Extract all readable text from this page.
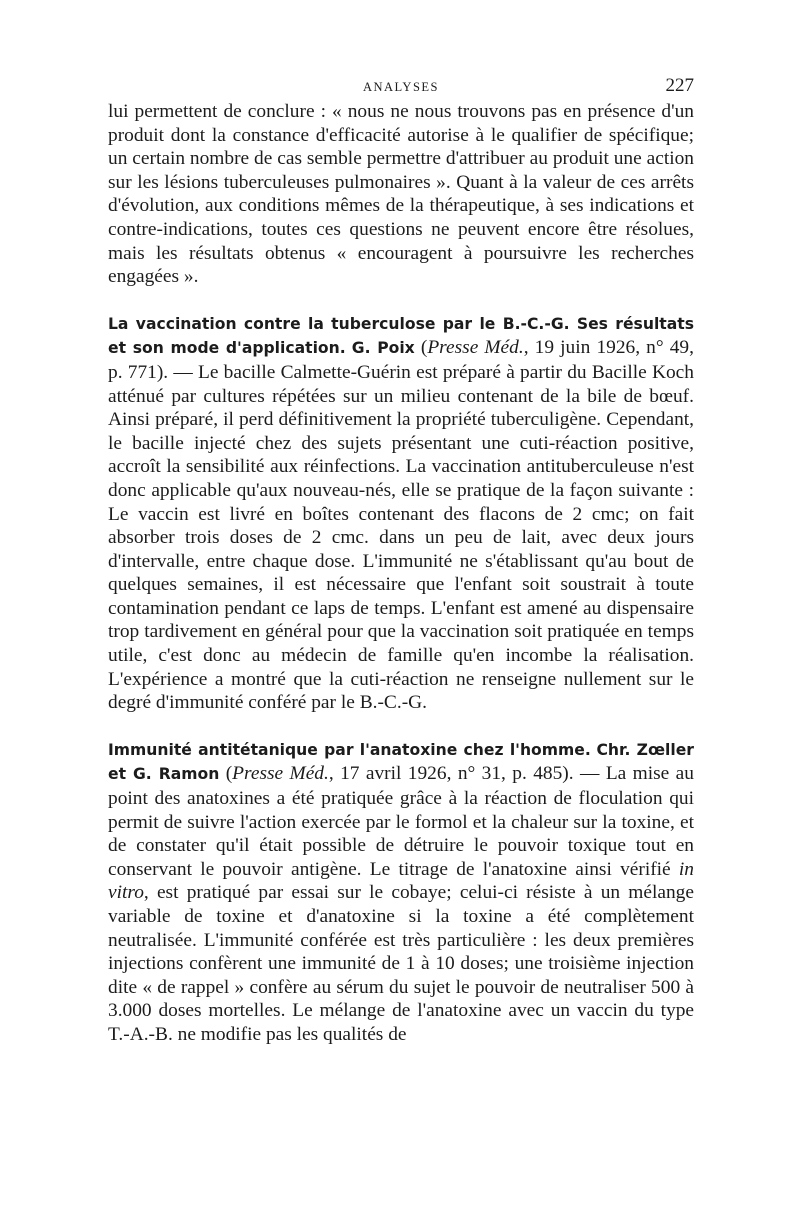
ANALYSES	227

lui permettent de conclure : « nous ne nous trouvons pas en présence d'un produit dont la constance d'efficacité autorise à le qualifier de spécifique; un certain nombre de cas semble permettre d'attribuer au produit une action sur les lésions tuberculeuses pulmonaires ». Quant à la valeur de ces arrêts d'évolution, aux conditions mêmes de la thérapeutique, à ses indications et contre-indications, toutes ces questions ne peuvent encore être résolues, mais les résultats obtenus « encouragent à poursuivre les recherches engagées ».

La vaccination contre la tuberculose par le B.-C.-G. Ses résultats et son mode d'application. G. Poix (Presse Méd., 19 juin 1926, n° 49, p. 771). — Le bacille Calmette-Guérin est préparé à partir du Bacille Koch atténué par cultures répétées sur un milieu contenant de la bile de bœuf. Ainsi préparé, il perd définitivement la propriété tuberculigène. Cependant, le bacille injecté chez des sujets présentant une cuti-réaction positive, accroît la sensibilité aux réinfections. La vaccination antituberculeuse n'est donc applicable qu'aux nouveau-nés, elle se pratique de la façon suivante : Le vaccin est livré en boîtes contenant des flacons de 2 cmc; on fait absorber trois doses de 2 cmc. dans un peu de lait, avec deux jours d'intervalle, entre chaque dose. L'immunité ne s'établissant qu'au bout de quelques semaines, il est nécessaire que l'enfant soit soustrait à toute contamination pendant ce laps de temps. L'enfant est amené au dispensaire trop tardivement en général pour que la vaccination soit pratiquée en temps utile, c'est donc au médecin de famille qu'en incombe la réalisation. L'expérience a montré que la cuti-réaction ne renseigne nullement sur le degré d'immunité conféré par le B.-C.-G.

Immunité antitétanique par l'anatoxine chez l'homme. Chr. Zœller et G. Ramon (Presse Méd., 17 avril 1926, n° 31, p. 485). — La mise au point des anatoxines a été pratiquée grâce à la réaction de floculation qui permit de suivre l'action exercée par le formol et la chaleur sur la toxine, et de constater qu'il était possible de détruire le pouvoir toxique tout en conservant le pouvoir antigène. Le titrage de l'anatoxine ainsi vérifié in vitro, est pratiqué par essai sur le cobaye; celui-ci résiste à un mélange variable de toxine et d'anatoxine si la toxine a été complètement neutralisée. L'immunité conférée est très particulière : les deux premières injections confèrent une immunité de 1 à 10 doses; une troisième injection dite « de rappel » confère au sérum du sujet le pouvoir de neutraliser 500 à 3.000 doses mortelles. Le mélange de l'anatoxine avec un vaccin du type T.-A.-B. ne modifie pas les qualités de
